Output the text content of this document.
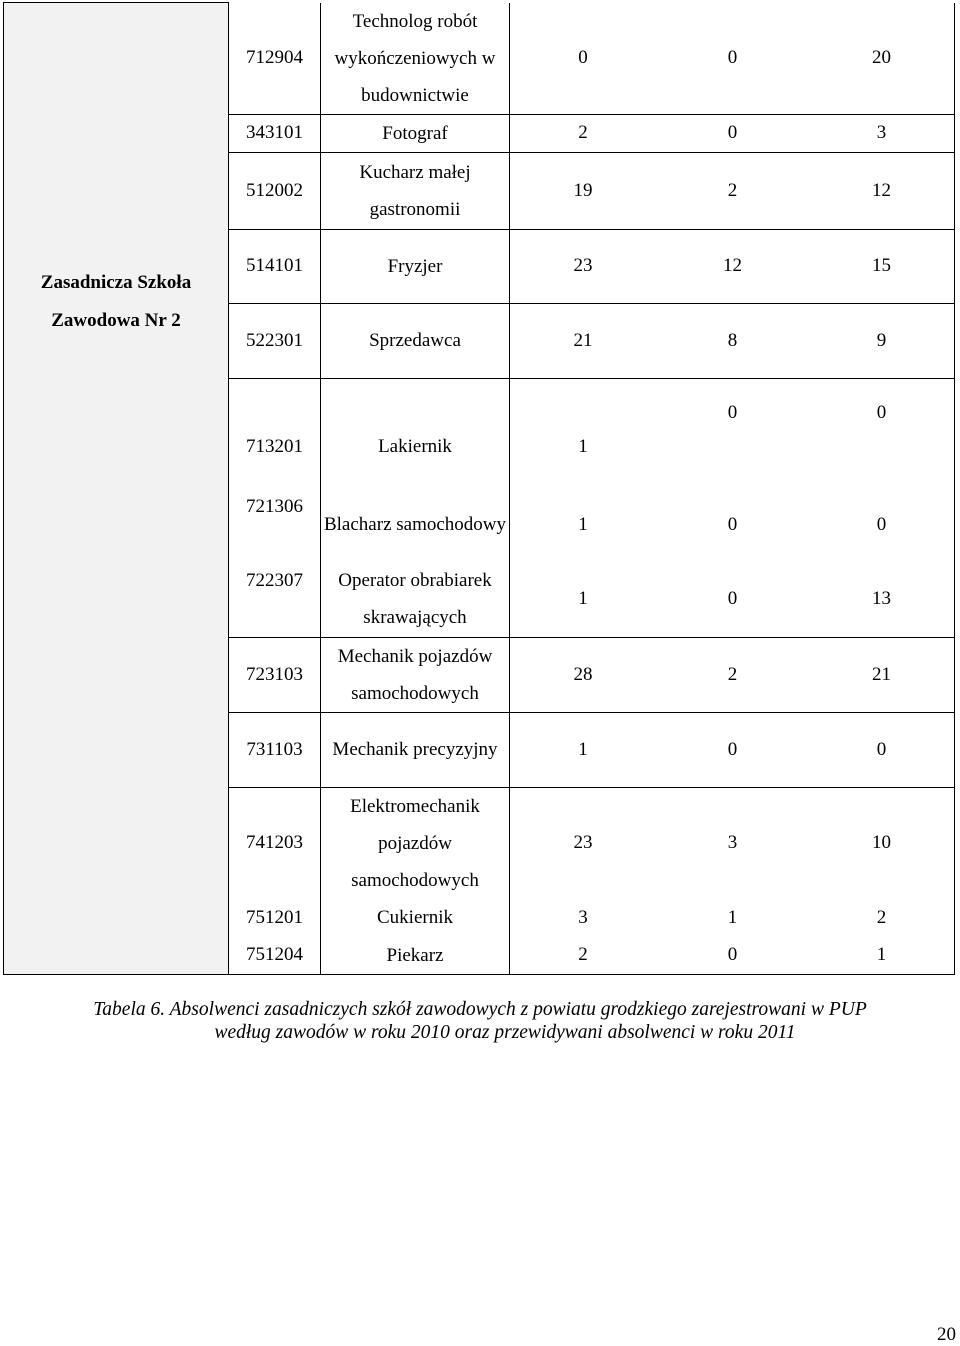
Zasadnicza Szkoła Zawodowa Nr 2	712904	Technolog robót wykończeniowych w budownictwie	0	0	20
	343101	Fotograf	2	0	3
	512002	Kucharz małej gastronomii	19	2	12
	514101	Fryzjer	23	12	15
	522301	Sprzedawca	21	8	9
	713201	Lakiernik	1	0	0
	721306	Blacharz samochodowy	1	0	0
	722307	Operator obrabiarek skrawających	1	0	13
	723103	Mechanik pojazdów samochodowych	28	2	21
	731103	Mechanik precyzyjny	1	0	0
	741203	Elektromechanik pojazdów samochodowych	23	3	10
	751201	Cukiernik	3	1	2
	751204	Piekarz	2	0	1
Tabela 6. Absolwenci zasadniczych szkół zawodowych z powiatu grodzkiego zarejestrowani w PUP
według zawodów w roku 2010 oraz przewidywani absolwenci w roku 2011
20
